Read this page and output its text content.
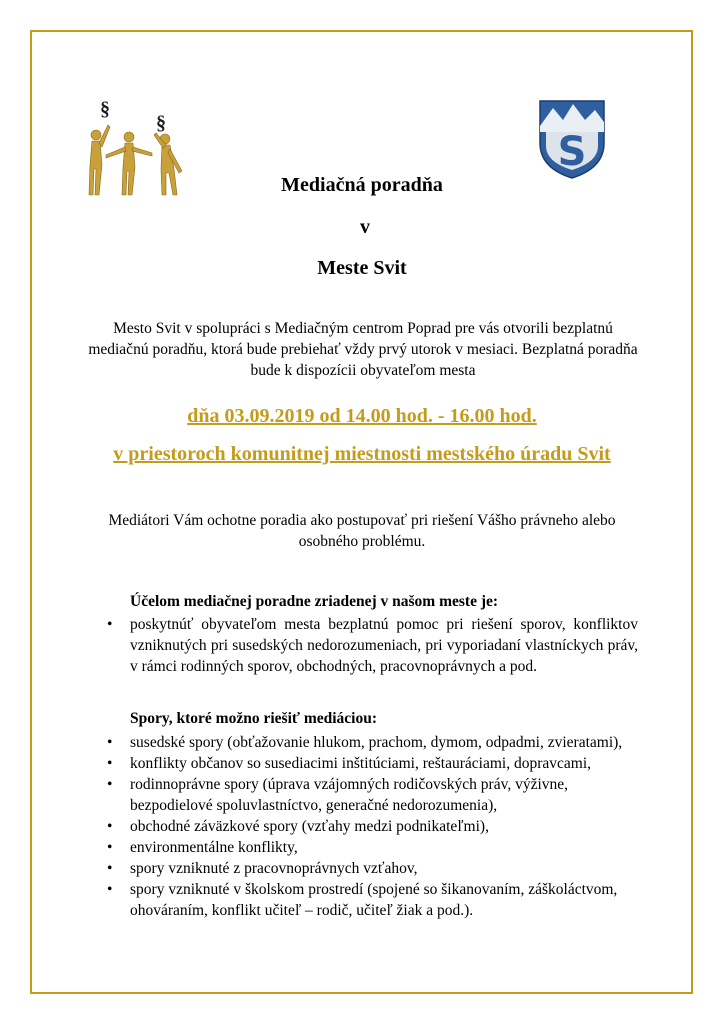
§
§
S
Mediačná poradňa
v
Meste Svit
Mesto Svit v spolupráci s Mediačným centrom Poprad pre vás otvorili bezplatnú mediačnú poradňu, ktorá bude prebiehať vždy prvý utorok v mesiaci. Bezplatná poradňa bude k dispozícii obyvateľom mesta
dňa 03.09.2019 od 14.00 hod. - 16.00 hod.
v priestoroch komunitnej miestnosti mestského úradu Svit
Mediátori Vám ochotne poradia ako postupovať pri riešení Vášho právneho alebo osobného problému.
Účelom mediačnej poradne zriadenej v našom meste je:
• poskytnúť obyvateľom mesta bezplatnú pomoc pri riešení sporov, konfliktov vzniknutých pri susedských nedorozumeniach, pri vyporiadaní vlastníckych práv, v rámci rodinných sporov, obchodných, pracovnoprávnych a pod.
Spory, ktoré možno riešiť mediáciou:
• susedské spory (obťažovanie hlukom, prachom, dymom, odpadmi, zvieratami),
• konflikty občanov so susediacimi inštitúciami, reštauráciami, dopravcami,
• rodinnoprávne spory (úprava vzájomných rodičovských práv, výživne, bezpodielové spoluvlastníctvo, generačné nedorozumenia),
• obchodné záväzkové spory (vzťahy medzi podnikateľmi),
• environmentálne konflikty,
• spory vzniknuté z pracovnoprávnych vzťahov,
• spory vzniknuté v školskom prostredí (spojené so šikanovaním, záškoláctvom, ohováraním, konflikt učiteľ – rodič, učiteľ žiak a pod.).
